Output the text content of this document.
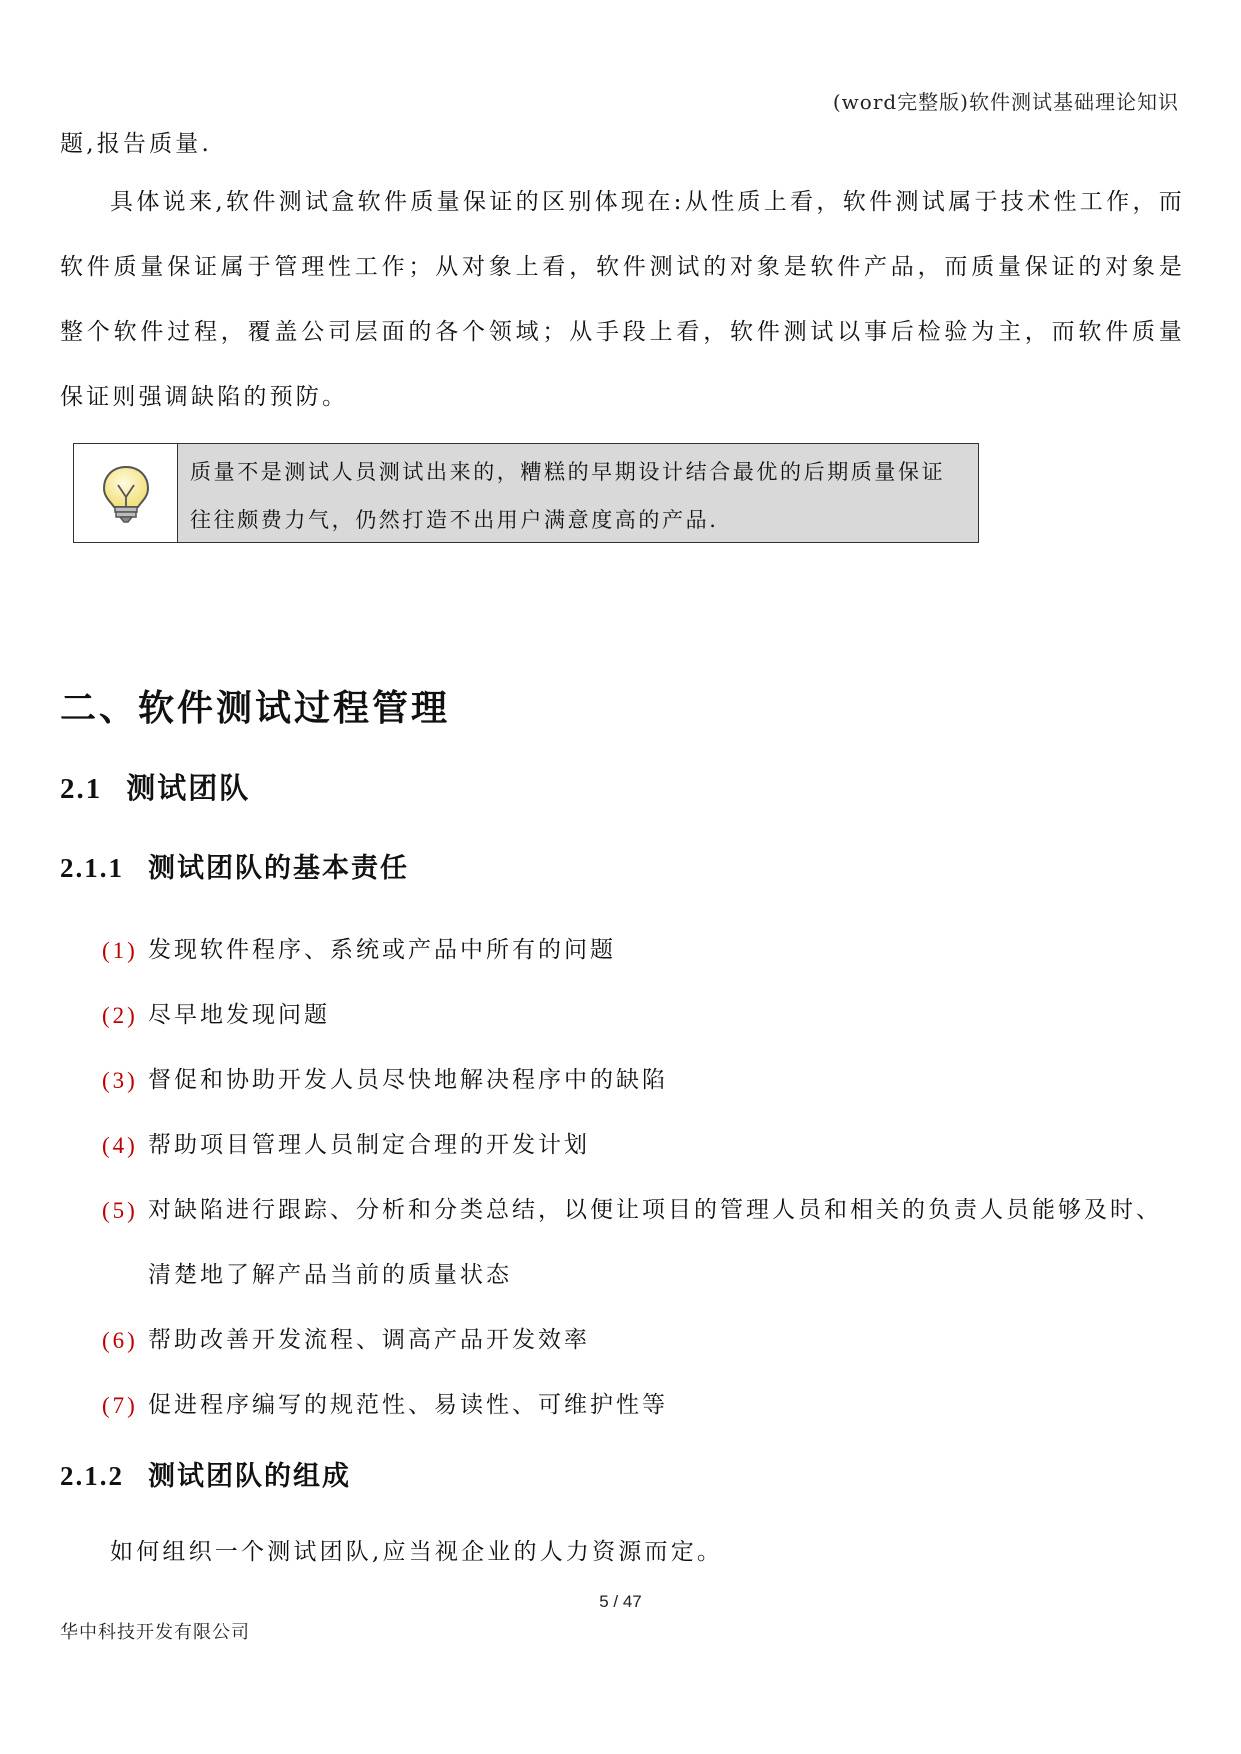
(word完整版)软件测试基础理论知识
题,报告质量.
具体说来,软件测试盒软件质量保证的区别体现在:从性质上看，软件测试属于技术性工作，而软件质量保证属于管理性工作；从对象上看，软件测试的对象是软件产品，而质量保证的对象是整个软件过程，覆盖公司层面的各个领域；从手段上看，软件测试以事后检验为主，而软件质量保证则强调缺陷的预防。
质量不是测试人员测试出来的，糟糕的早期设计结合最优的后期质量保证往往颇费力气，仍然打造不出用户满意度高的产品.
二、软件测试过程管理
2.1 测试团队
2.1.1 测试团队的基本责任
(1) 发现软件程序、系统或产品中所有的问题
(2) 尽早地发现问题
(3) 督促和协助开发人员尽快地解决程序中的缺陷
(4) 帮助项目管理人员制定合理的开发计划
(5) 对缺陷进行跟踪、分析和分类总结，以便让项目的管理人员和相关的负责人员能够及时、清楚地了解产品当前的质量状态
(6) 帮助改善开发流程、调高产品开发效率
(7) 促进程序编写的规范性、易读性、可维护性等
2.1.2 测试团队的组成
如何组织一个测试团队,应当视企业的人力资源而定。
5 / 47
华中科技开发有限公司
